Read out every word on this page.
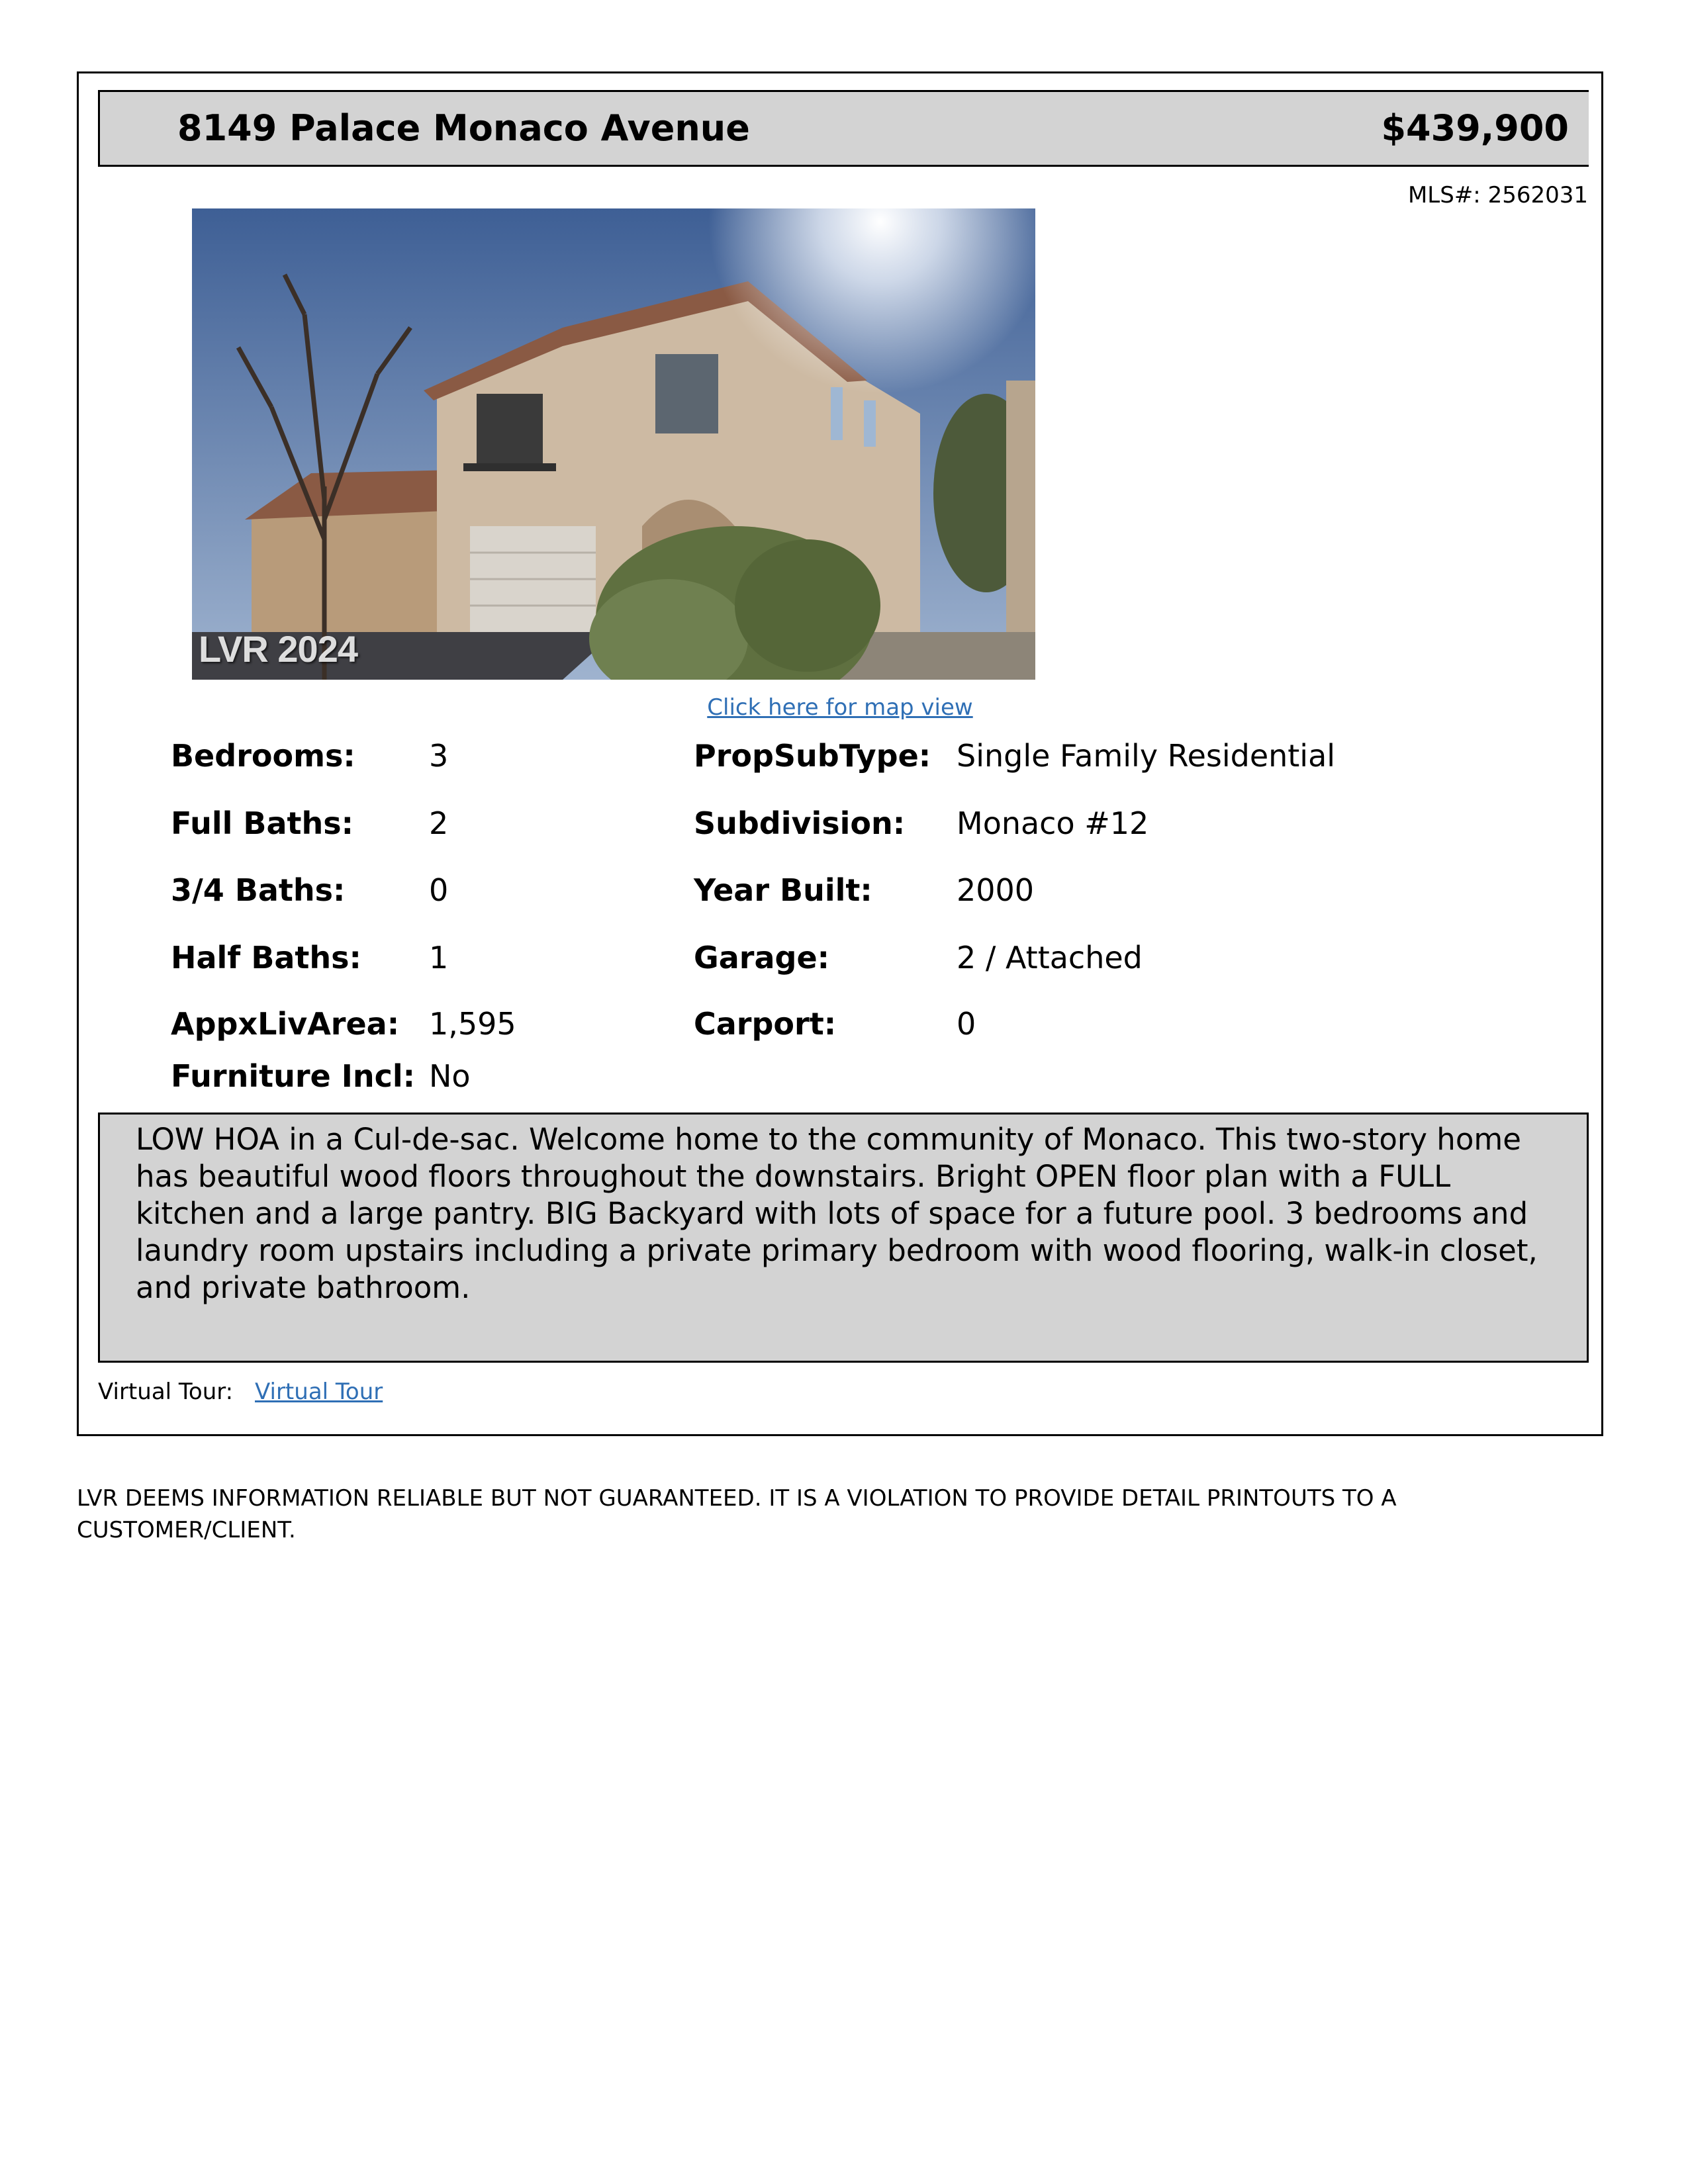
8149 Palace Monaco Avenue	$439,900
MLS#: 2562031
LVR 2024
Click here for map view
Bedrooms: 3
Full Baths: 2
3/4 Baths:	0
Half Baths: 1
AppxLivArea: 1,595
Furniture Incl: No
PropSubType: Single Family Residential
Subdivision: Monaco #12
Year Built:	2000
Garage:	2 / Attached
Carport:	0
LOW HOA in a Cul-de-sac. Welcome home to the community of Monaco. This two-story home has beautiful wood floors throughout the downstairs. Bright OPEN floor plan with a FULL kitchen and a large pantry. BIG Backyard with lots of space for a future pool. 3 bedrooms and laundry room upstairs including a private primary bedroom with wood flooring, walk-in closet, and private bathroom.
Virtual Tour: Virtual Tour
LVR DEEMS INFORMATION RELIABLE BUT NOT GUARANTEED. IT IS A VIOLATION TO PROVIDE DETAIL PRINTOUTS TO A CUSTOMER/CLIENT.
